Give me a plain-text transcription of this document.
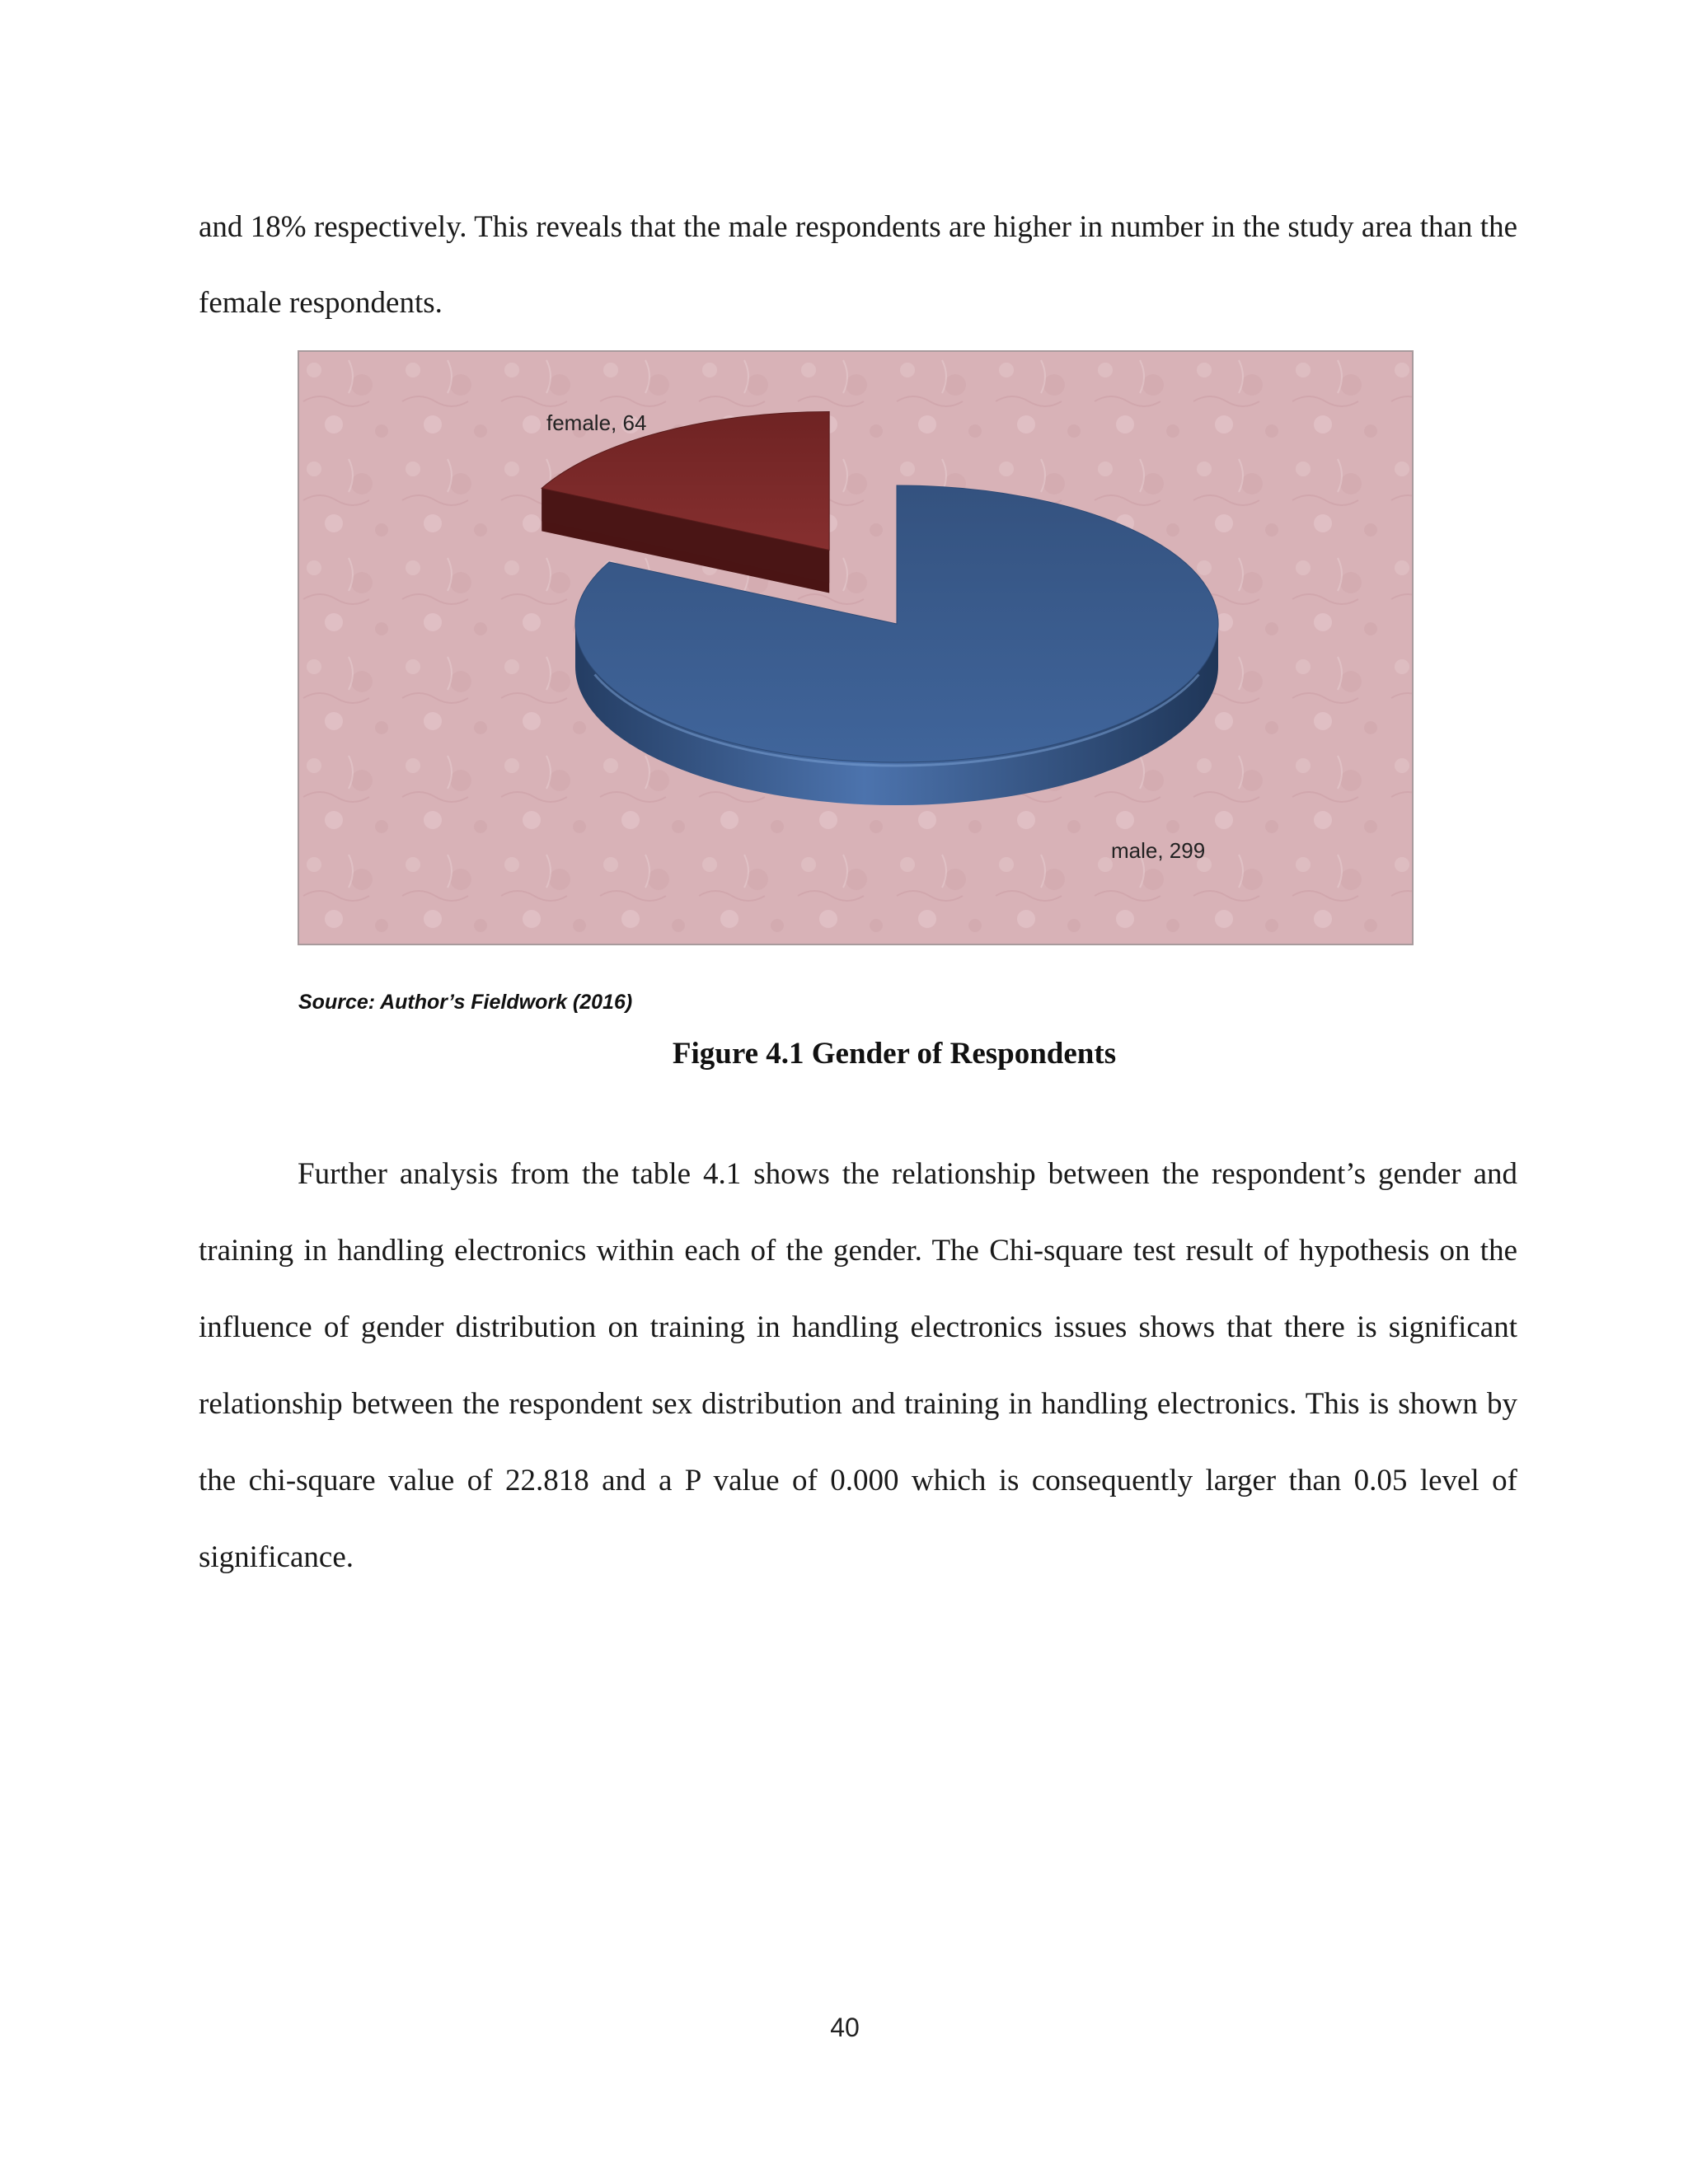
and 18% respectively. This reveals that the male respondents are higher in number in the study area than the female respondents.

female, 64
male, 299
Source: Author’s Fieldwork (2016)
Figure 4.1 Gender of Respondents

Further analysis from the table 4.1 shows the relationship between the respondent’s gender and training in handling electronics within each of the gender. The Chi-square test result of hypothesis on the influence of gender distribution on training in handling electronics issues shows that there is significant relationship between the respondent sex distribution and training in handling electronics. This is shown by the chi-square value of 22.818 and a P value of 0.000 which is consequently larger than 0.05 level of significance.

40
